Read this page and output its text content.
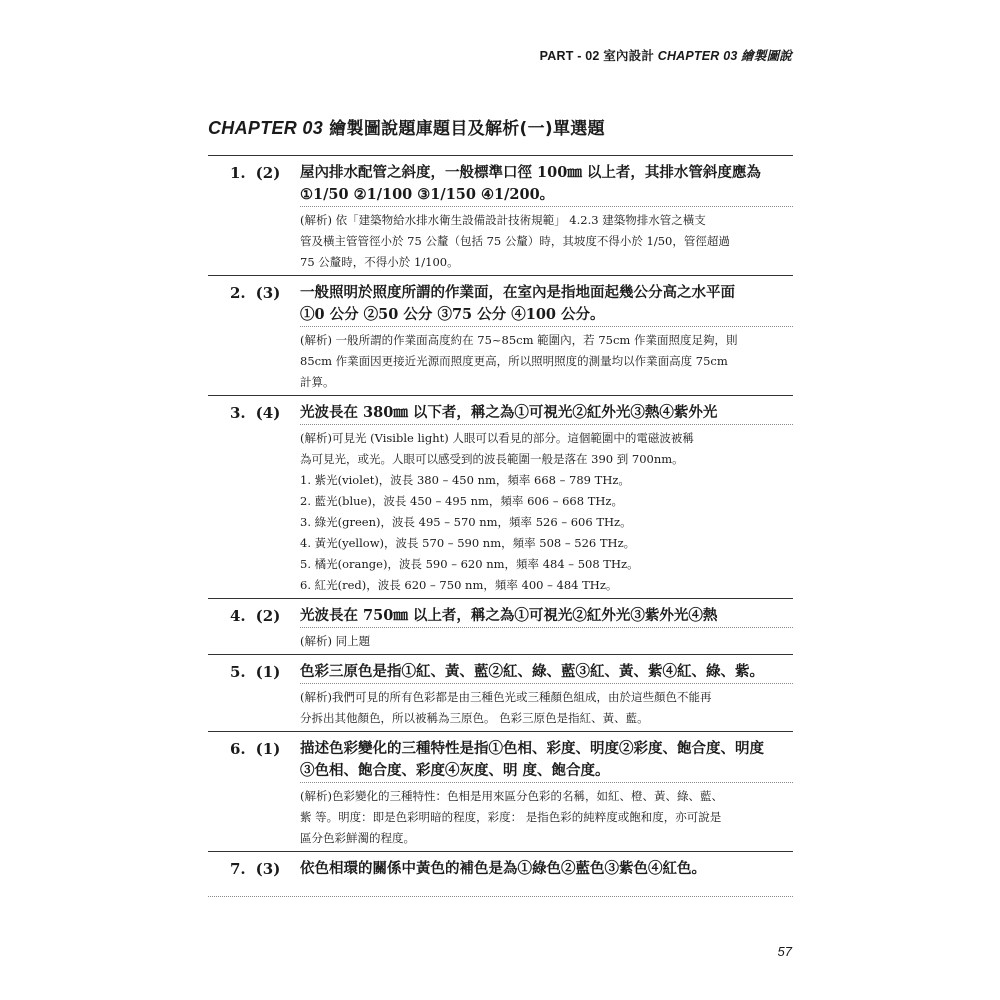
PART - 02 室內設計 CHAPTER 03 繪製圖說
CHAPTER 03 繪製圖說題庫題目及解析(一)單選題
1. (2)	屋內排水配管之斜度，一般標準口徑 100㎜ 以上者，其排水管斜度應為
①1/50 ②1/100 ③1/150 ④1/200。
(解析) 依「建築物給水排水衛生設備設計技術規範」 4.2.3 建築物排水管之橫支
管及橫主管管徑小於 75 公釐（包括 75 公釐）時，其坡度不得小於 1/50，管徑超過
75 公釐時，不得小於 1/100。
2. (3)	一般照明於照度所謂的作業面，在室內是指地面起幾公分高之水平面
①0 公分 ②50 公分 ③75 公分 ④100 公分。
(解析) 一般所謂的作業面高度約在 75~85cm 範圍內，若 75cm 作業面照度足夠，則
85cm 作業面因更接近光源而照度更高，所以照明照度的測量均以作業面高度 75cm
計算。
3. (4)	光波長在 380㎜ 以下者，稱之為①可視光②紅外光③熱④紫外光
(解析)可見光 (Visible light) 人眼可以看見的部分。這個範圍中的電磁波被稱
為可見光，或光。人眼可以感受到的波長範圍一般是落在 390 到 700nm。
1. 紫光(violet)，波長 380 – 450 nm，頻率 668 – 789 THz。
2. 藍光(blue)，波長 450 – 495 nm，頻率 606 – 668 THz。
3. 綠光(green)，波長 495 – 570 nm，頻率 526 – 606 THz。
4. 黃光(yellow)，波長 570 – 590 nm，頻率 508 – 526 THz。
5. 橘光(orange)，波長 590 – 620 nm，頻率 484 – 508 THz。
6. 紅光(red)，波長 620 – 750 nm，頻率 400 – 484 THz。
4. (2)	光波長在 750㎜ 以上者，稱之為①可視光②紅外光③紫外光④熱
(解析) 同上題
5. (1)	色彩三原色是指①紅、黃、藍②紅、綠、藍③紅、黃、紫④紅、綠、紫。
(解析)我們可見的所有色彩都是由三種色光或三種顏色組成，由於這些顏色不能再
分拆出其他顏色，所以被稱為三原色。 色彩三原色是指紅、黃、藍。
6. (1)	描述色彩變化的三種特性是指①色相、彩度、明度②彩度、飽合度、明度
③色相、飽合度、彩度④灰度、明 度、飽合度。
(解析)色彩變化的三種特性：色相是用來區分色彩的名稱，如紅、橙、黃、綠、藍、
紫 等。明度：即是色彩明暗的程度，彩度： 是指色彩的純粹度或飽和度，亦可說是
區分色彩鮮濁的程度。
7. (3)	依色相環的關係中黃色的補色是為①綠色②藍色③紫色④紅色。
57
